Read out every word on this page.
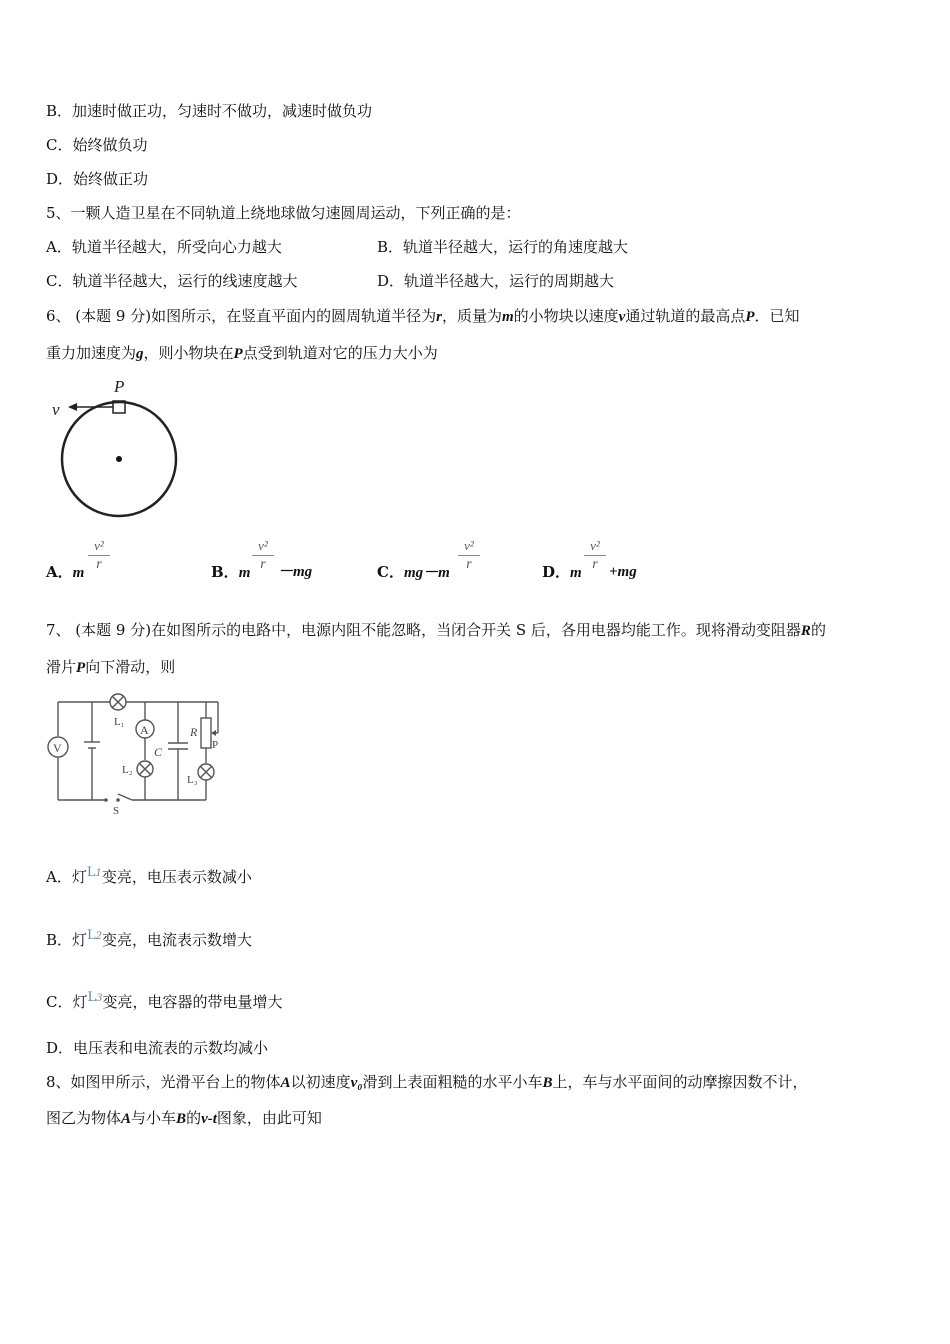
B．加速时做正功，匀速时不做功，减速时做负功
C．始终做负功
D．始终做正功
5、一颗人造卫星在不同轨道上绕地球做匀速圆周运动，下列正确的是：
A．轨道半径越大，所受向心力越大	B．轨道半径越大，运行的角速度越大
C．轨道半径越大，运行的线速度越大	D．轨道半径越大，运行的周期越大
6、 (本题 9 分)如图所示，在竖直平面内的圆周轨道半径为r，质量为m的小物块以速度v通过轨道的最高点P．已知
重力加速度为g，则小物块在P点受到轨道对它的压力大小为
P
v
A．m
v²
r	B．m
v²
r －mg	C．mg－m
v²
r	D．m
v²
r +mg
7、 (本题 9 分)在如图所示的电路中，电源内阻不能忽略，当闭合开关 S 后，各用电器均能工作。现将滑动变阻器R的
滑片P向下滑动，则
V
A
L₁
L₂
L₃
C
R
P
S
A．灯$L^1$变亮，电压表示数减小
B．灯$L^2$变亮，电流表示数增大
C．灯$L^3$变亮，电容器的带电量增大
D．电压表和电流表的示数均减小
8、如图甲所示，光滑平台上的物体A以初速度v₀滑到上表面粗糙的水平小车B上，车与水平面间的动摩擦因数不计，
图乙为物体A与小车B的v-t图象，由此可知
